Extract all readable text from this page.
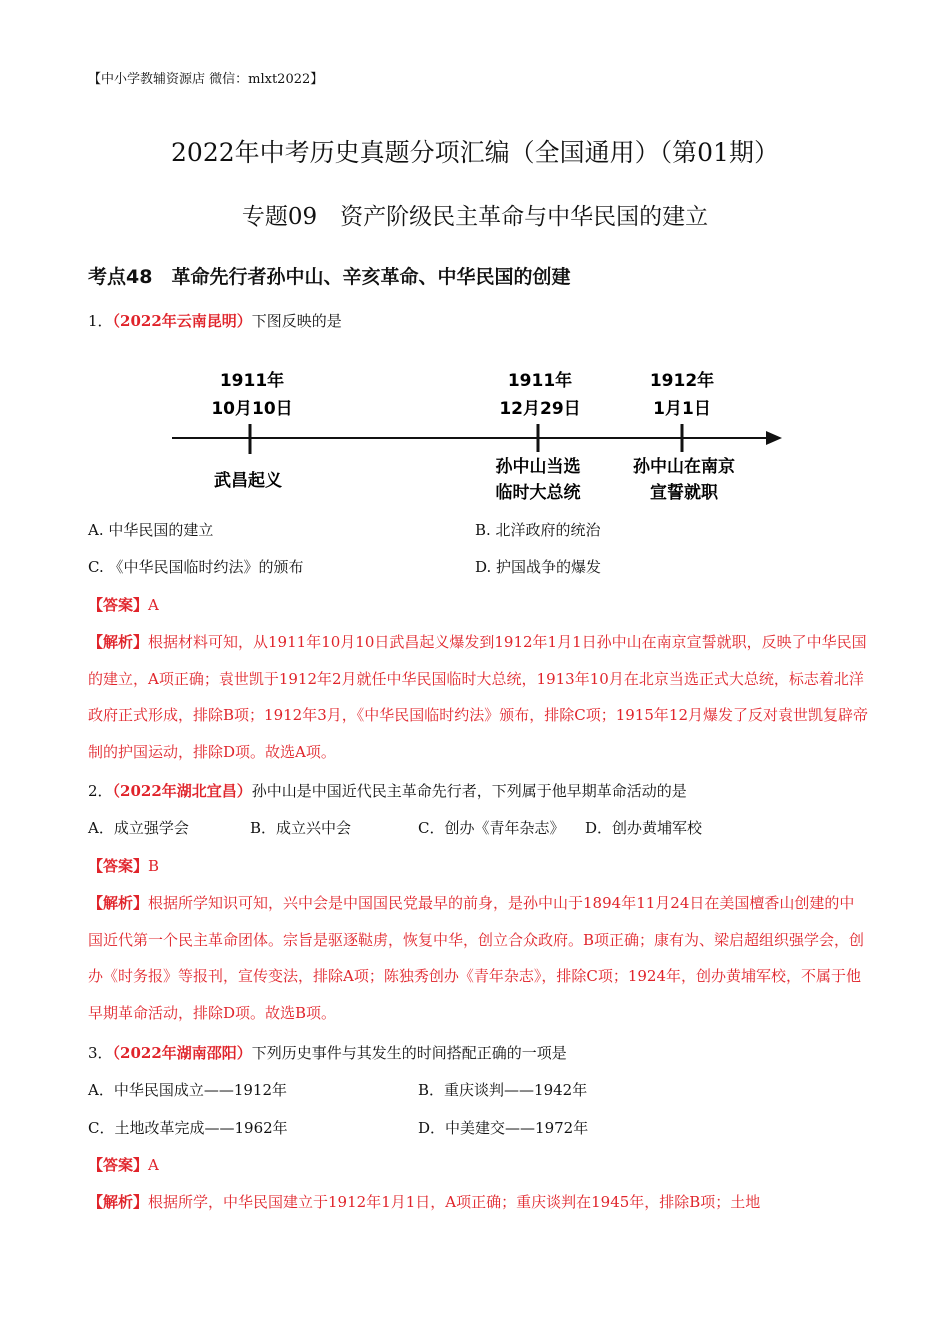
【中小学教辅资源店 微信：mlxt2022】
2022年中考历史真题分项汇编（全国通用）（第01期）
专题09　资产阶级民主革命与中华民国的建立
考点48　革命先行者孙中山、辛亥革命、中华民国的创建
1．（2022年云南昆明）下图反映的是
1911年
10月10日
武昌起义
1911年
12月29日
孙中山当选
临时大总统
1912年
1月1日
孙中山在南京
宣誓就职
A. 中华民国的建立	B. 北洋政府的统治
C. 《中华民国临时约法》的颁布	D. 护国战争的爆发
【答案】A
【解析】根据材料可知，从1911年10月10日武昌起义爆发到1912年1月1日孙中山在南京宣誓就职，反映了中华民国的建立，A项正确；袁世凯于1912年2月就任中华民国临时大总统，1913年10月在北京当选正式大总统，标志着北洋政府正式形成，排除B项；1912年3月，《中华民国临时约法》颁布，排除C项；1915年12月爆发了反对袁世凯复辟帝制的护国运动，排除D项。故选A项。
2．（2022年湖北宜昌）孙中山是中国近代民主革命先行者，下列属于他早期革命活动的是
A．成立强学会	B．成立兴中会	C．创办《青年杂志》 D．创办黄埔军校
【答案】B
【解析】根据所学知识可知，兴中会是中国国民党最早的前身，是孙中山于1894年11月24日在美国檀香山创建的中国近代第一个民主革命团体。宗旨是驱逐鞑虏，恢复中华，创立合众政府。B项正确；康有为、梁启超组织强学会，创办《时务报》等报刊，宣传变法，排除A项；陈独秀创办《青年杂志》，排除C项；1924年，创办黄埔军校，不属于他早期革命活动，排除D项。故选B项。
3．（2022年湖南邵阳）下列历史事件与其发生的时间搭配正确的一项是
A．中华民国成立——1912年	B．重庆谈判——1942年
C．土地改革完成——1962年	D．中美建交——1972年
【答案】A
【解析】根据所学，中华民国建立于1912年1月1日，A项正确；重庆谈判在1945年，排除B项；土地
